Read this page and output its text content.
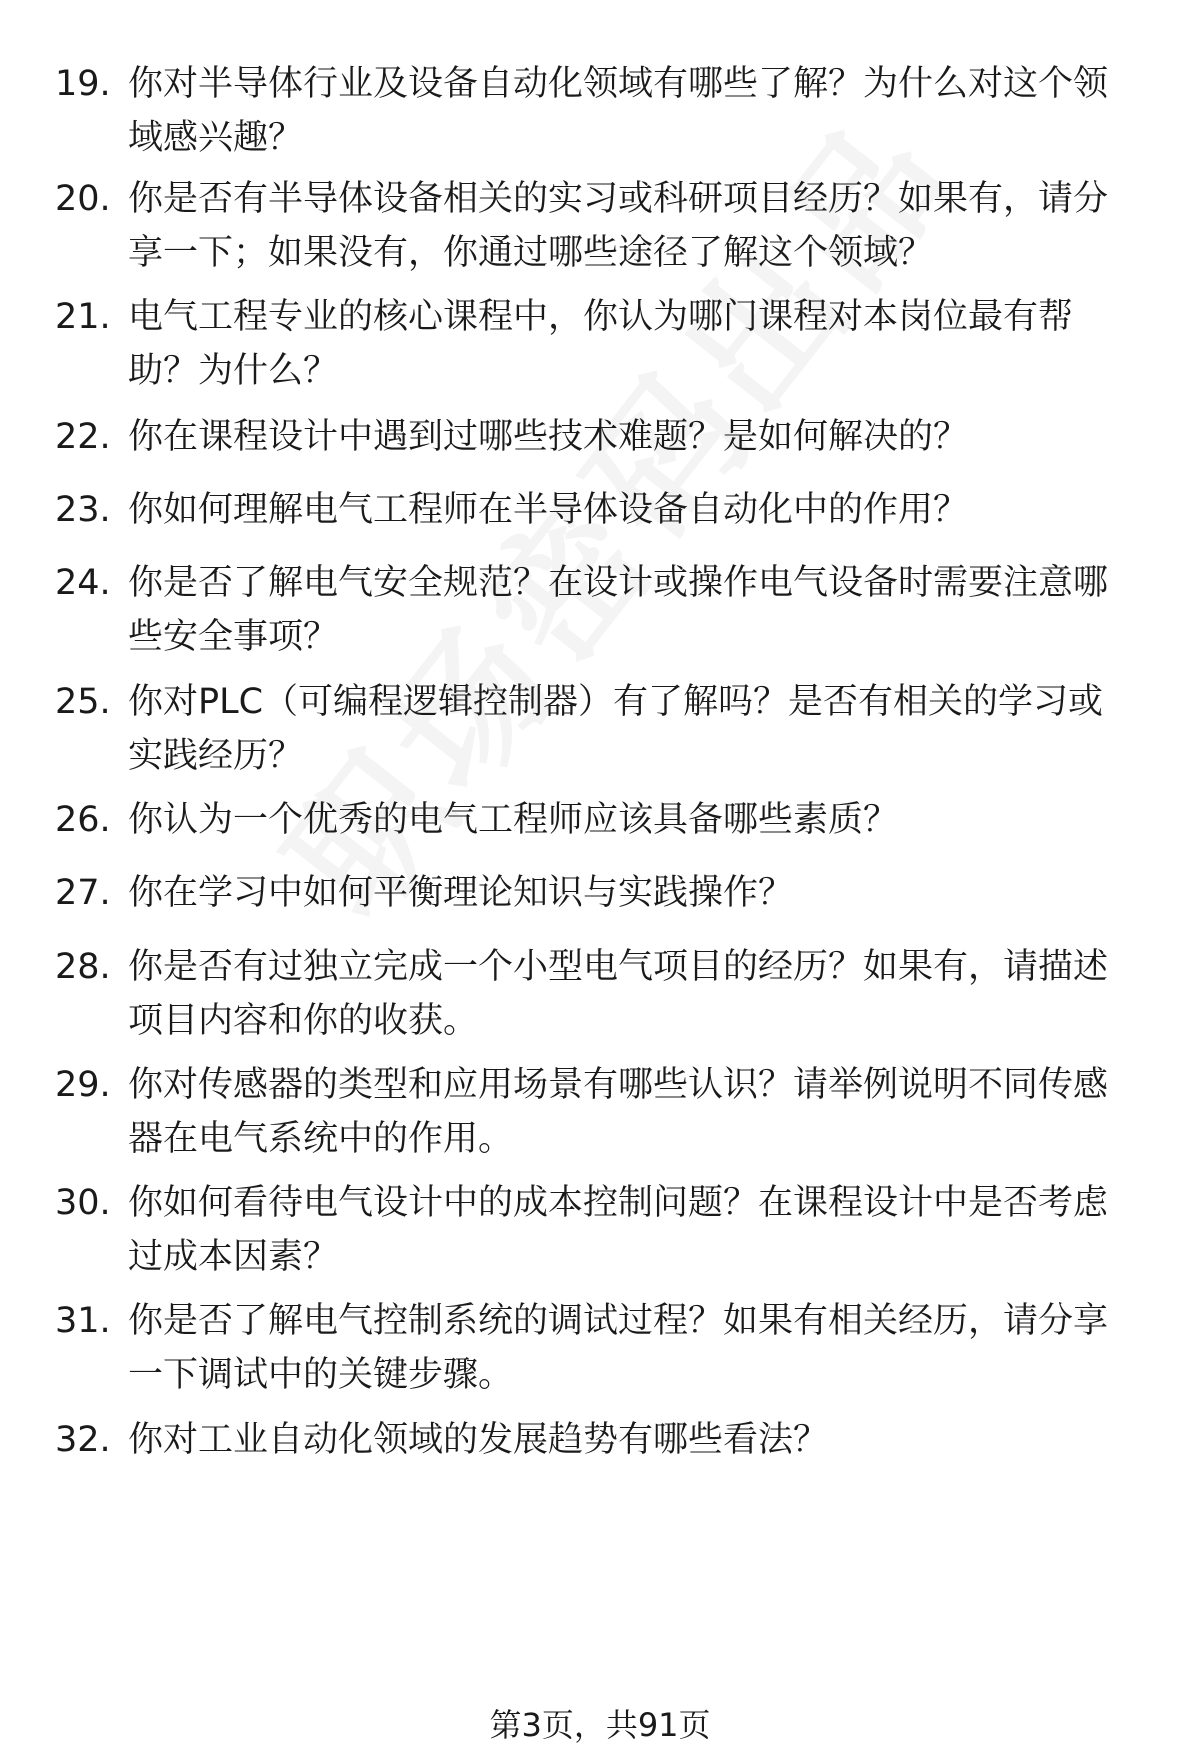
19. 你对半导体行业及设备自动化领域有哪些了解？为什么对这个领域感兴趣？
20. 你是否有半导体设备相关的实习或科研项目经历？如果有，请分享一下；如果没有，你通过哪些途径了解这个领域？
21. 电气工程专业的核心课程中，你认为哪门课程对本岗位最有帮助？为什么？
22. 你在课程设计中遇到过哪些技术难题？是如何解决的？
23. 你如何理解电气工程师在半导体设备自动化中的作用？
24. 你是否了解电气安全规范？在设计或操作电气设备时需要注意哪些安全事项？
25. 你对PLC（可编程逻辑控制器）有了解吗？是否有相关的学习或实践经历？
26. 你认为一个优秀的电气工程师应该具备哪些素质？
27. 你在学习中如何平衡理论知识与实践操作？
28. 你是否有过独立完成一个小型电气项目的经历？如果有，请描述项目内容和你的收获。
29. 你对传感器的类型和应用场景有哪些认识？请举例说明不同传感器在电气系统中的作用。
30. 你如何看待电气设计中的成本控制问题？在课程设计中是否考虑过成本因素？
31. 你是否了解电气控制系统的调试过程？如果有相关经历，请分享一下调试中的关键步骤。
32. 你对工业自动化领域的发展趋势有哪些看法？
第3页，共91页
